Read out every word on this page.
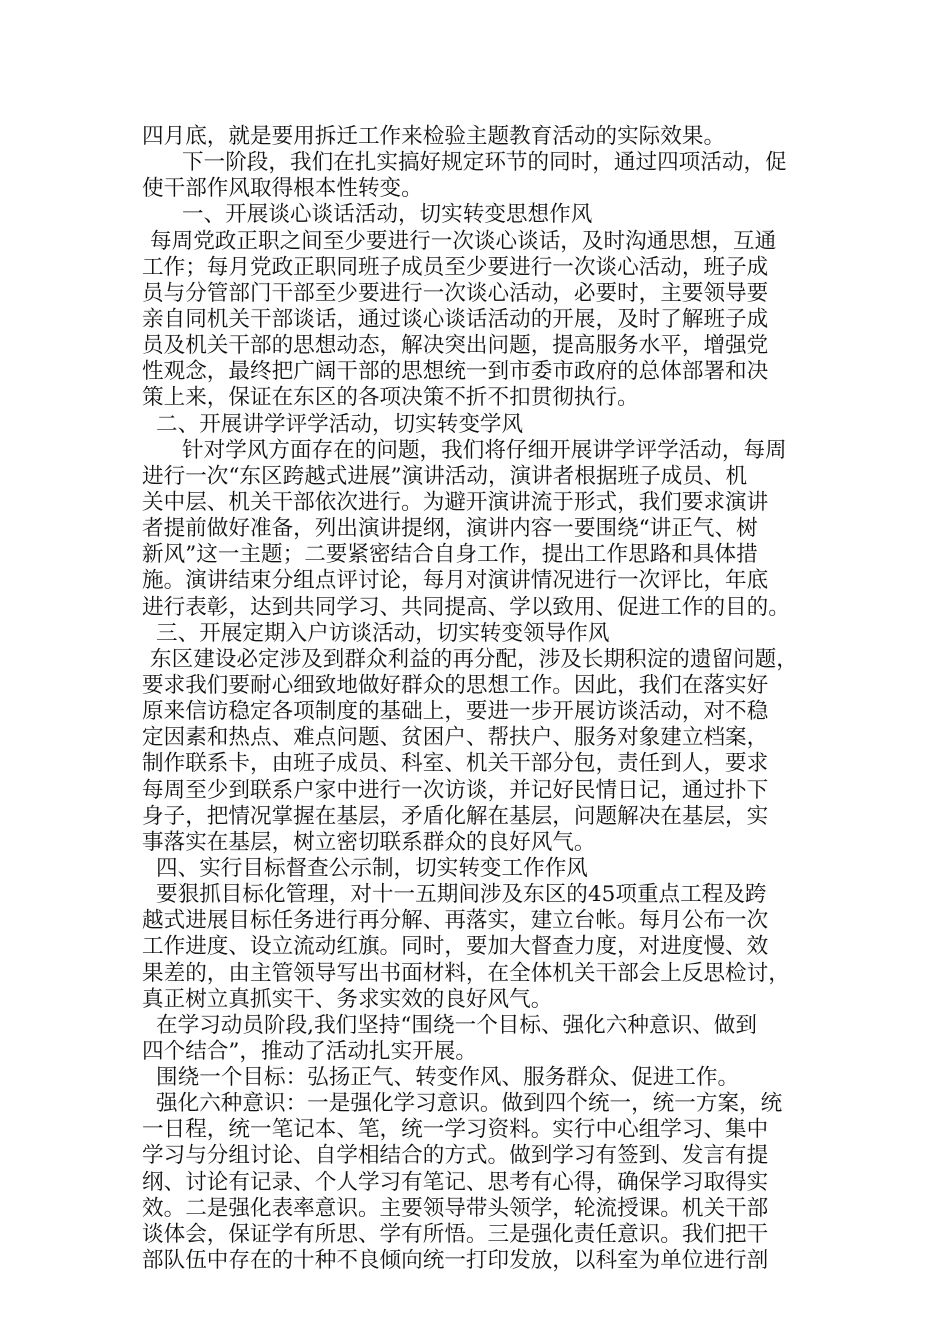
四月底，就是要用拆迁工作来检验主题教育活动的实际效果。
下一阶段，我们在扎实搞好规定环节的同时，通过四项活动，促
使干部作风取得根本性转变。
一、开展谈心谈话活动，切实转变思想作风
每周党政正职之间至少要进行一次谈心谈话，及时沟通思想，互通
工作；每月党政正职同班子成员至少要进行一次谈心活动，班子成
员与分管部门干部至少要进行一次谈心活动，必要时，主要领导要
亲自同机关干部谈话，通过谈心谈话活动的开展，及时了解班子成
员及机关干部的思想动态，解决突出问题，提高服务水平，增强党
性观念，最终把广阔干部的思想统一到市委市政府的总体部署和决
策上来，保证在东区的各项决策不折不扣贯彻执行。
二、开展讲学评学活动，切实转变学风
针对学风方面存在的问题，我们将仔细开展讲学评学活动，每周
进行一次“东区跨越式进展”演讲活动，演讲者根据班子成员、机
关中层、机关干部依次进行。为避开演讲流于形式，我们要求演讲
者提前做好准备，列出演讲提纲，演讲内容一要围绕“讲正气、树
新风”这一主题；二要紧密结合自身工作，提出工作思路和具体措
施。演讲结束分组点评讨论，每月对演讲情况进行一次评比，年底
进行表彰，达到共同学习、共同提高、学以致用、促进工作的目的。
三、开展定期入户访谈活动，切实转变领导作风
东区建设必定涉及到群众利益的再分配，涉及长期积淀的遗留问题，
要求我们要耐心细致地做好群众的思想工作。因此，我们在落实好
原来信访稳定各项制度的基础上，要进一步开展访谈活动，对不稳
定因素和热点、难点问题、贫困户、帮扶户、服务对象建立档案，
制作联系卡，由班子成员、科室、机关干部分包，责任到人，要求
每周至少到联系户家中进行一次访谈，并记好民情日记，通过扑下
身子，把情况掌握在基层，矛盾化解在基层，问题解决在基层，实
事落实在基层，树立密切联系群众的良好风气。
四、实行目标督查公示制，切实转变工作作风
要狠抓目标化管理，对十一五期间涉及东区的45项重点工程及跨
越式进展目标任务进行再分解、再落实，建立台帐。每月公布一次
工作进度、设立流动红旗。同时，要加大督查力度，对进度慢、效
果差的，由主管领导写出书面材料，在全体机关干部会上反思检讨，
真正树立真抓实干、务求实效的良好风气。
在学习动员阶段,我们坚持“围绕一个目标、强化六种意识、做到
四个结合”，推动了活动扎实开展。
围绕一个目标：弘扬正气、转变作风、服务群众、促进工作。
强化六种意识：一是强化学习意识。做到四个统一，统一方案，统
一日程，统一笔记本、笔，统一学习资料。实行中心组学习、集中
学习与分组讨论、自学相结合的方式。做到学习有签到、发言有提
纲、讨论有记录、个人学习有笔记、思考有心得，确保学习取得实
效。二是强化表率意识。主要领导带头领学，轮流授课。机关干部
谈体会，保证学有所思、学有所悟。三是强化责任意识。我们把干
部队伍中存在的十种不良倾向统一打印发放，以科室为单位进行剖
